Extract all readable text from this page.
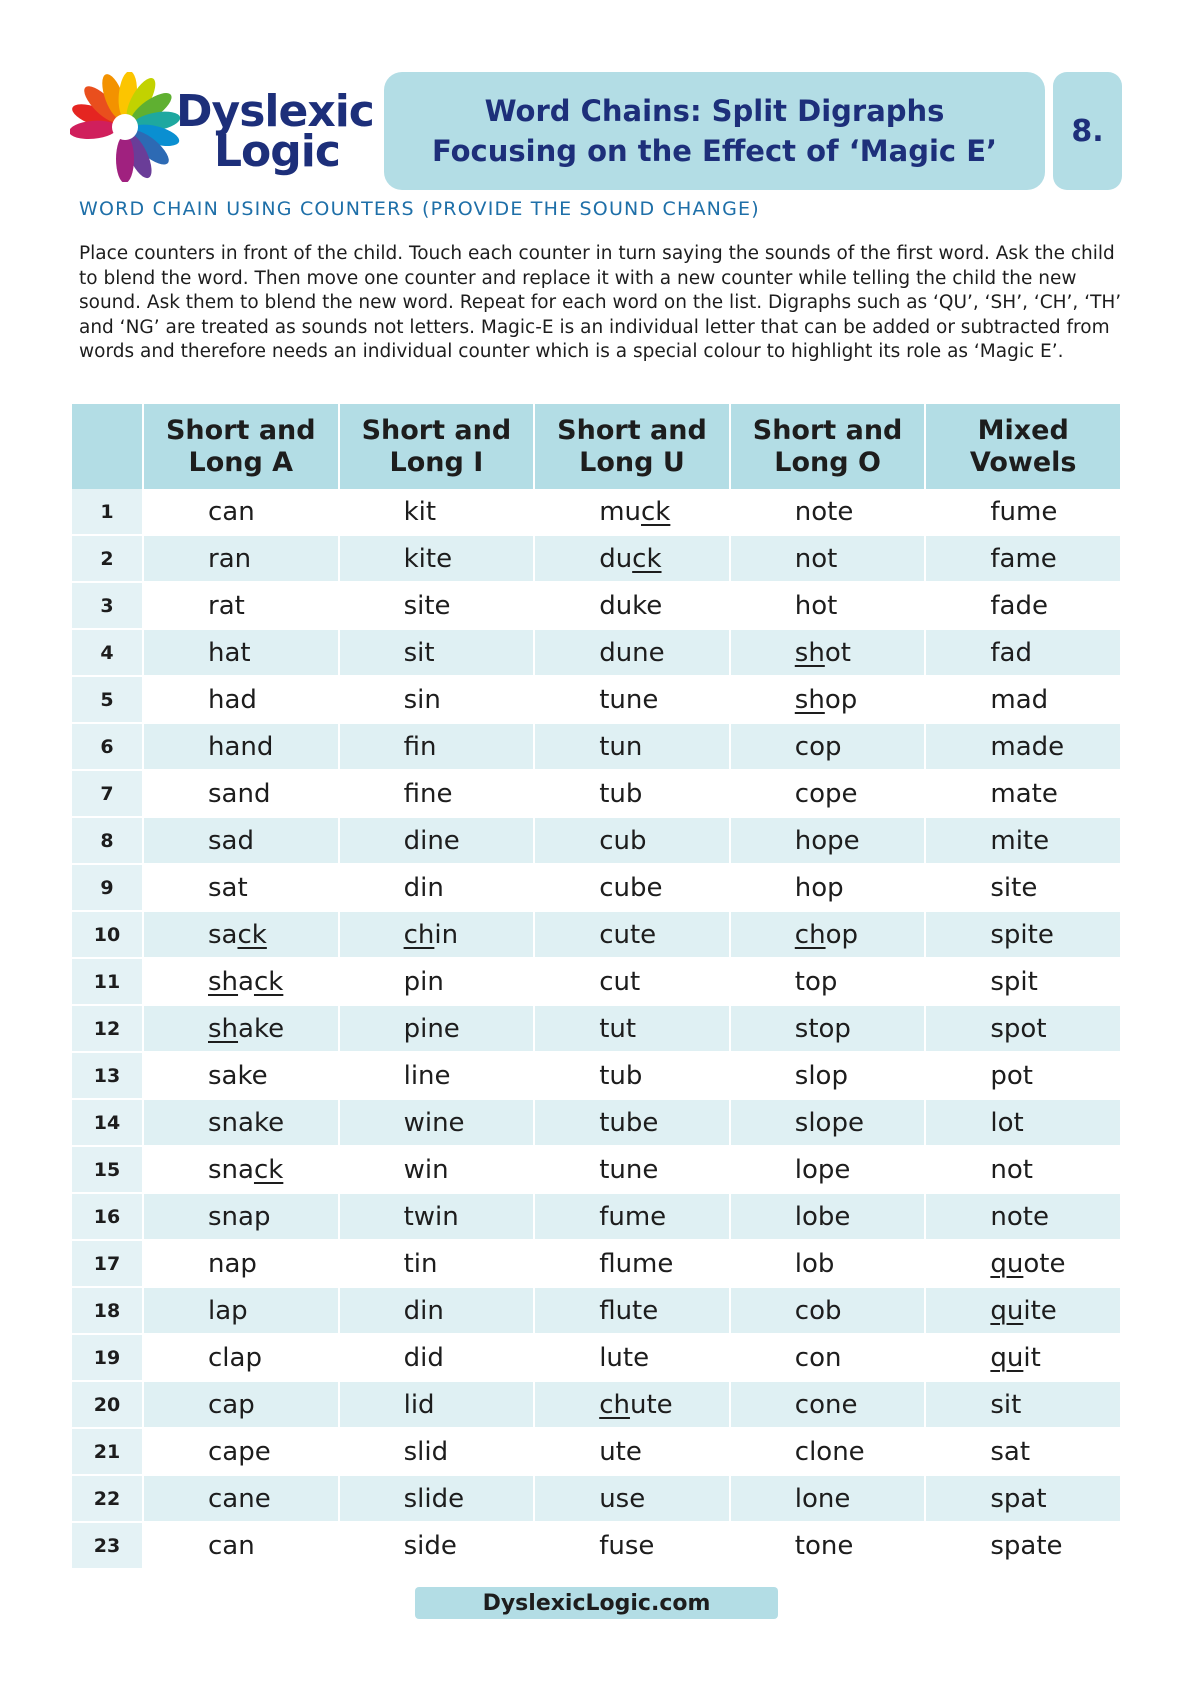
Dyslexic
Logic
Word Chains: Split Digraphs
Focusing on the Effect of ‘Magic E’
8.
WORD CHAIN USING COUNTERS (PROVIDE THE SOUND CHANGE)
Place counters in front of the child. Touch each counter in turn saying the sounds of the first word. Ask the child to blend the word. Then move one counter and replace it with a new counter while telling the child the new sound. Ask them to blend the new word. Repeat for each word on the list. Digraphs such as ‘QU’, ‘SH’, ‘CH’, ‘TH’ and ‘NG’ are treated as sounds not letters. Magic-E is an individual letter that can be added or subtracted from words and therefore needs an individual counter which is a special colour to highlight its role as ‘Magic E’.
	Short and Long A	Short and Long I	Short and Long U	Short and Long O	Mixed Vowels
1	can	kit	muck	note	fume
2	ran	kite	duck	not	fame
3	rat	site	duke	hot	fade
4	hat	sit	dune	shot	fad
5	had	sin	tune	shop	mad
6	hand	fin	tun	cop	made
7	sand	fine	tub	cope	mate
8	sad	dine	cub	hope	mite
9	sat	din	cube	hop	site
10	sack	chin	cute	chop	spite
11	shack	pin	cut	top	spit
12	shake	pine	tut	stop	spot
13	sake	line	tub	slop	pot
14	snake	wine	tube	slope	lot
15	snack	win	tune	lope	not
16	snap	twin	fume	lobe	note
17	nap	tin	flume	lob	quote
18	lap	din	flute	cob	quite
19	clap	did	lute	con	quit
20	cap	lid	chute	cone	sit
21	cape	slid	ute	clone	sat
22	cane	slide	use	lone	spat
23	can	side	fuse	tone	spate
DyslexicLogic.com
